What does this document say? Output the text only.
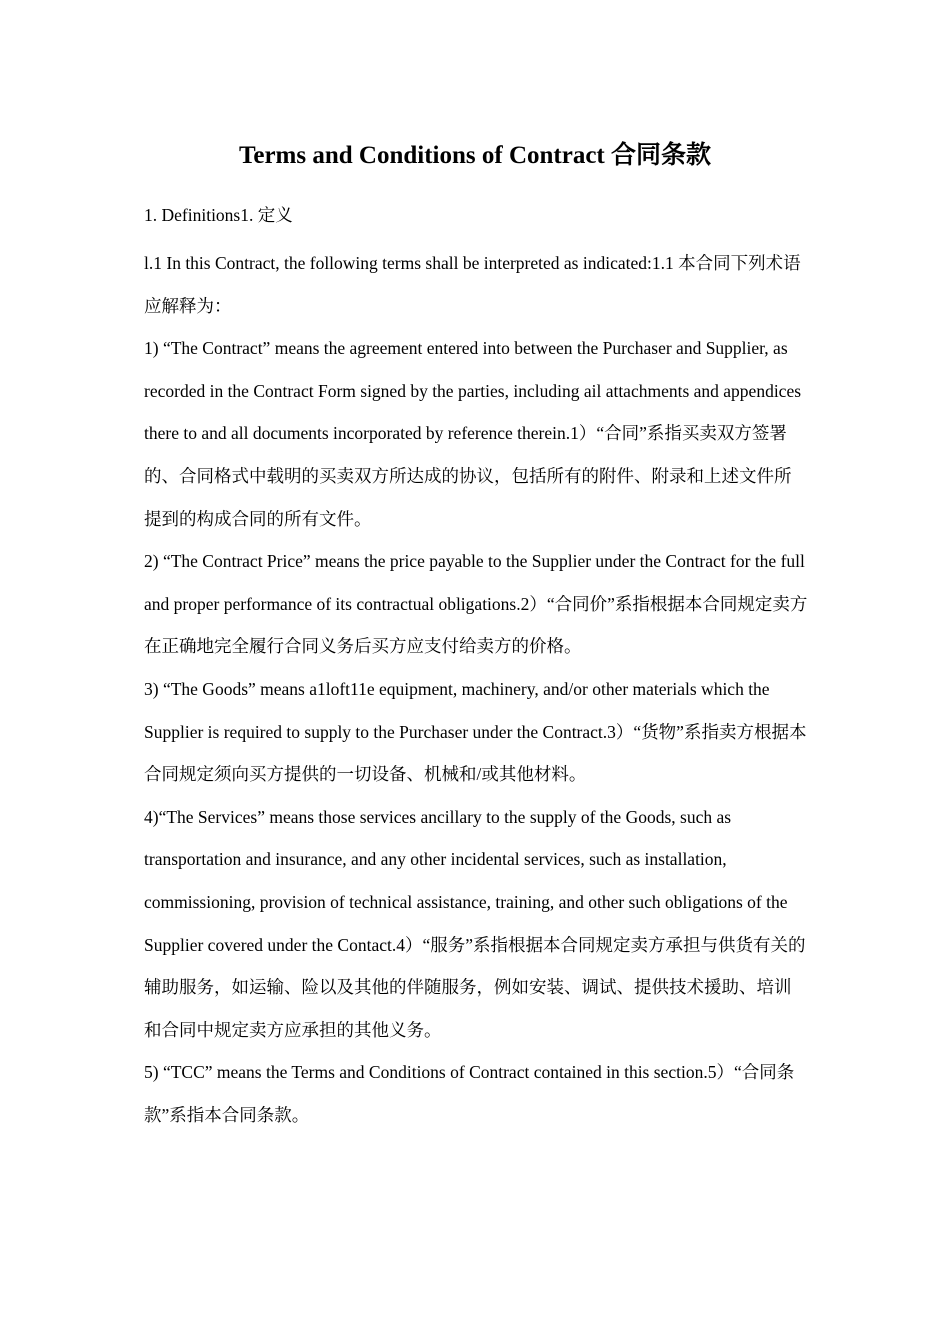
Terms and Conditions of Contract 合同条款

1. Definitions1. 定义

l.1 In this Contract, the following terms shall be interpreted as indicated:1.1 本合同下列术语应解释为：

1) “The Contract” means the agreement entered into between the Purchaser and Supplier, as recorded in the Contract Form signed by the parties, including ail attachments and appendices there to and all documents incorporated by reference therein.1）“合同”系指买卖双方签署的、合同格式中载明的买卖双方所达成的协议，包括所有的附件、附录和上述文件所提到的构成合同的所有文件。

2) “The Contract Price” means the price payable to the Supplier under the Contract for the full and proper performance of its contractual obligations.2）“合同价”系指根据本合同规定卖方在正确地完全履行合同义务后买方应支付给卖方的价格。

3) “The Goods” means a1loft11e equipment, machinery, and/or other materials which the Supplier is required to supply to the Purchaser under the Contract.3）“货物”系指卖方根据本合同规定须向买方提供的一切设备、机械和/或其他材料。

4)“The Services” means those services ancillary to the supply of the Goods, such as transportation and insurance, and any other incidental services, such as installation, commissioning, provision of technical assistance, training, and other such obligations of the Supplier covered under the Contact.4）“服务”系指根据本合同规定卖方承担与供货有关的辅助服务，如运输、险以及其他的伴随服务，例如安装、调试、提供技术援助、培训和合同中规定卖方应承担的其他义务。

5) “TCC” means the Terms and Conditions of Contract contained in this section.5）“合同条款”系指本合同条款。
